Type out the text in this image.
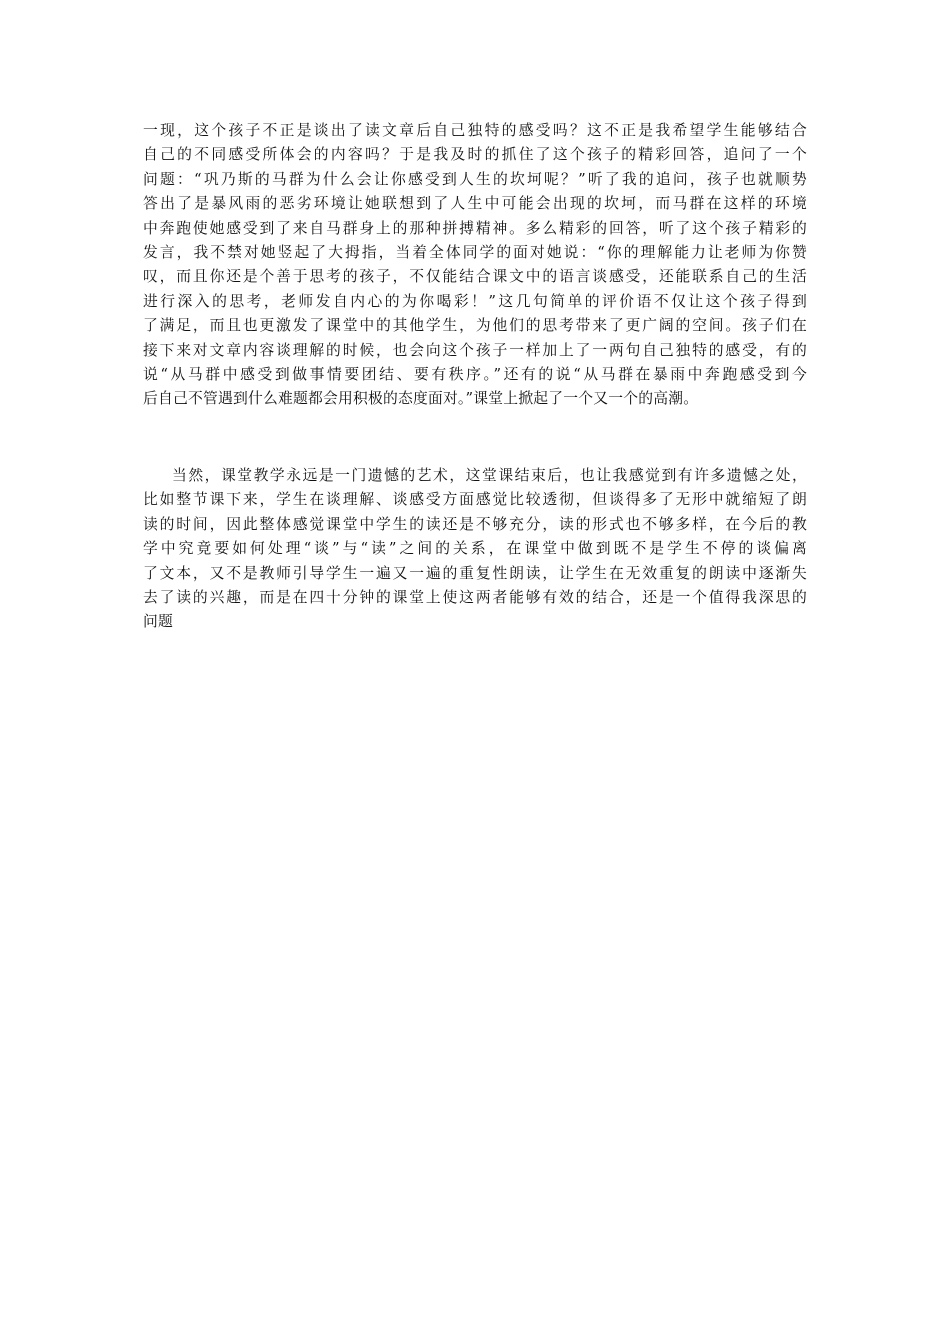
一现，这个孩子不正是谈出了读文章后自己独特的感受吗？这不正是我希望学生能够结合
自己的不同感受所体会的内容吗？于是我及时的抓住了这个孩子的精彩回答，追问了一个
问题：“巩乃斯的马群为什么会让你感受到人生的坎坷呢？”听了我的追问，孩子也就顺势
答出了是暴风雨的恶劣环境让她联想到了人生中可能会出现的坎坷，而马群在这样的环境
中奔跑使她感受到了来自马群身上的那种拼搏精神。多么精彩的回答，听了这个孩子精彩的
发言，我不禁对她竖起了大拇指，当着全体同学的面对她说：“你的理解能力让老师为你赞
叹，而且你还是个善于思考的孩子，不仅能结合课文中的语言谈感受，还能联系自己的生活
进行深入的思考，老师发自内心的为你喝彩！”这几句简单的评价语不仅让这个孩子得到
了满足，而且也更激发了课堂中的其他学生，为他们的思考带来了更广阔的空间。孩子们在
接下来对文章内容谈理解的时候，也会向这个孩子一样加上了一两句自己独特的感受，有的
说“从马群中感受到做事情要团结、要有秩序。”还有的说“从马群在暴雨中奔跑感受到今
后自己不管遇到什么难题都会用积极的态度面对。”课堂上掀起了一个又一个的高潮。
当然，课堂教学永远是一门遗憾的艺术，这堂课结束后，也让我感觉到有许多遗憾之处，
比如整节课下来，学生在谈理解、谈感受方面感觉比较透彻，但谈得多了无形中就缩短了朗
读的时间，因此整体感觉课堂中学生的读还是不够充分，读的形式也不够多样，在今后的教
学中究竟要如何处理“谈”与“读”之间的关系，在课堂中做到既不是学生不停的谈偏离
了文本，又不是教师引导学生一遍又一遍的重复性朗读，让学生在无效重复的朗读中逐渐失
去了读的兴趣，而是在四十分钟的课堂上使这两者能够有效的结合，还是一个值得我深思的
问题
